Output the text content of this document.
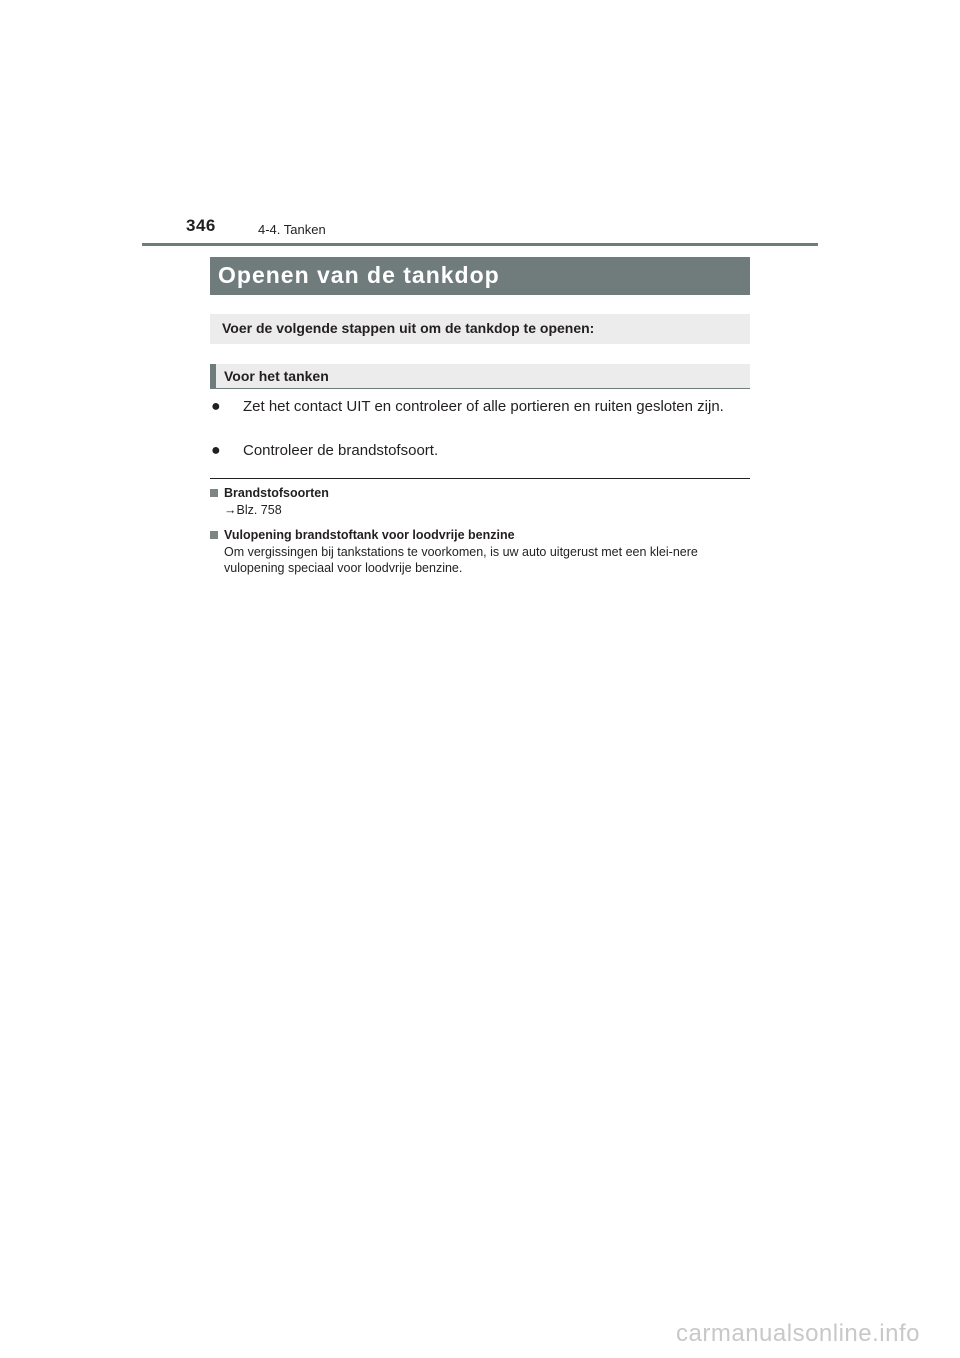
346	4-4. Tanken
Openen van de tankdop
Voer de volgende stappen uit om de tankdop te openen:
Voor het tanken
● Zet het contact UIT en controleer of alle portieren en ruiten gesloten zijn.
● Controleer de brandstofsoort.
Brandstofsoorten
→Blz. 758
Vulopening brandstoftank voor loodvrije benzine
Om vergissingen bij tankstations te voorkomen, is uw auto uitgerust met een klei-nere vulopening speciaal voor loodvrije benzine.
carmanualsonline.info
